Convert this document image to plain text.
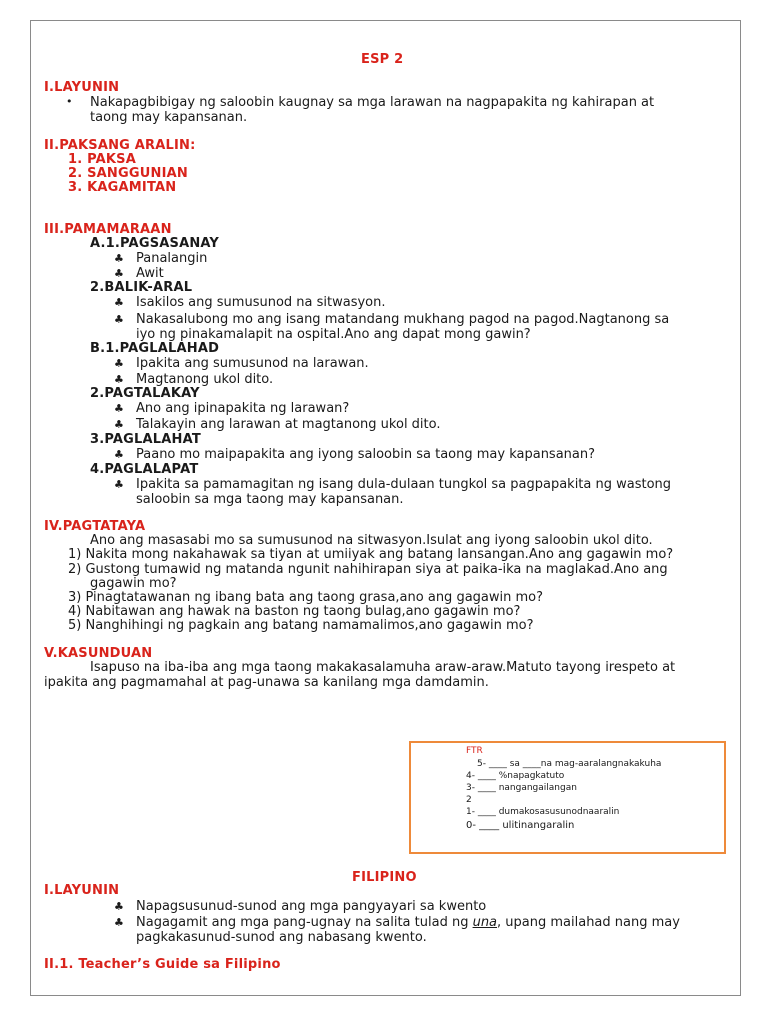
ESP 2
I.LAYUNIN
• Nakapagbibigay ng saloobin kaugnay sa mga larawan na nagpapakita ng kahirapan at
taong may kapansanan.
II.PAKSANG ARALIN:
1. PAKSA
2. SANGGUNIAN
3. KAGAMITAN
III.PAMAMARAAN
A.1.PAGSASANAY
♣ Panalangin
♣ Awit
2.BALIK-ARAL
♣ Isakilos ang sumusunod na sitwasyon.
♣ Nakasalubong mo ang isang matandang mukhang pagod na pagod.Nagtanong sa
iyo ng pinakamalapit na ospital.Ano ang dapat mong gawin?
B.1.PAGLALAHAD
♣ Ipakita ang sumusunod na larawan.
♣ Magtanong ukol dito.
2.PAGTALAKAY
♣ Ano ang ipinapakita ng larawan?
♣ Talakayin ang larawan at magtanong ukol dito.
3.PAGLALAHAT
♣ Paano mo maipapakita ang iyong saloobin sa taong may kapansanan?
4.PAGLALAPAT
♣ Ipakita sa pamamagitan ng isang dula-dulaan tungkol sa pagpapakita ng wastong
saloobin sa mga taong may kapansanan.
IV.PAGTATAYA
Ano ang masasabi mo sa sumusunod na sitwasyon.Isulat ang iyong saloobin ukol dito.
1) Nakita mong nakahawak sa tiyan at umiiyak ang batang lansangan.Ano ang gagawin mo?
2) Gustong tumawid ng matanda ngunit nahihirapan siya at paika-ika na maglakad.Ano ang
gagawin mo?
3) Pinagtatawanan ng ibang bata ang taong grasa,ano ang gagawin mo?
4) Nabitawan ang hawak na baston ng taong bulag,ano gagawin mo?
5) Nanghihingi ng pagkain ang batang namamalimos,ano gagawin mo?
V.KASUNDUAN
Isapuso na iba-iba ang mga taong makakasalamuha araw-araw.Matuto tayong irespeto at
ipakita ang pagmamahal at pag-unawa sa kanilang mga damdamin.
FTR
5- ____ sa ____na mag-aaralangnakakuha
4- ____ %napagkatuto
3- ____ nangangailangan
2
1- ____ dumakosasusunodnaaralin
0- ____ ulitinangaralin
FILIPINO
I.LAYUNIN
♣ Napagsusunud-sunod ang mga pangyayari sa kwento
♣ Nagagamit ang mga pang-ugnay na salita tulad ng una, upang mailahad nang may
pagkakasunud-sunod ang nabasang kwento.
II.1. Teacher’s Guide sa Filipino
